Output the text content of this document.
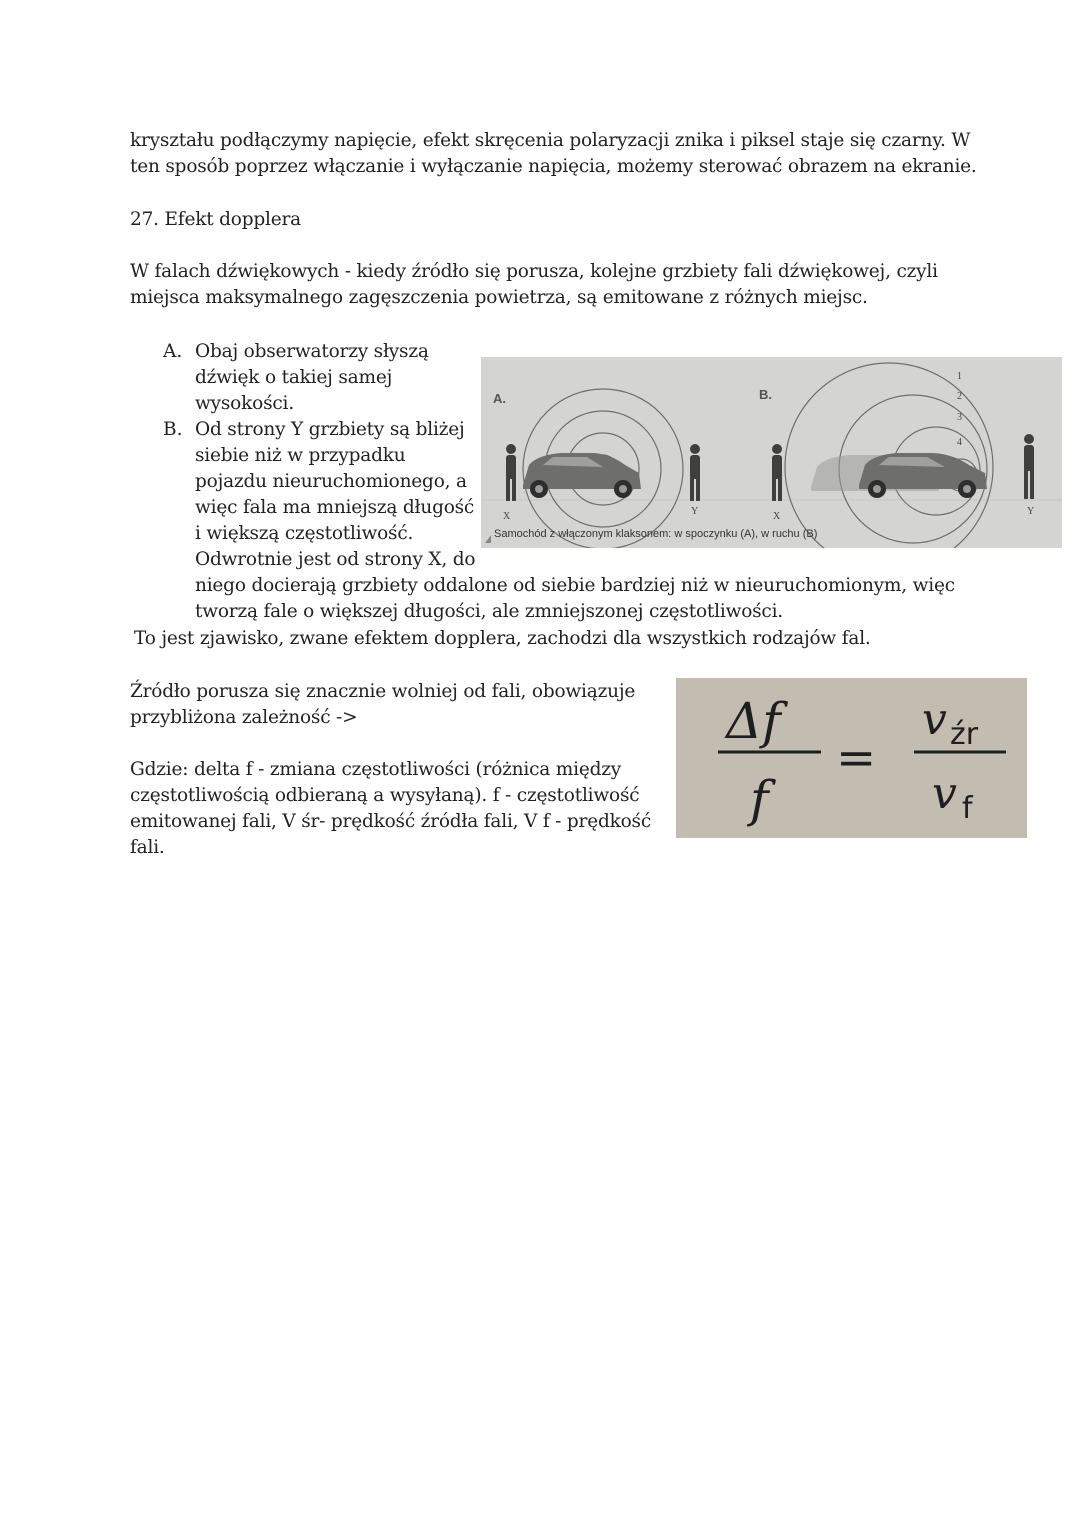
kryształu podłączymy napięcie, efekt skręcenia polaryzacji znika i piksel staje się czarny. W
ten sposób poprzez włączanie i wyłączanie napięcia, możemy sterować obrazem na ekranie.
27. Efekt dopplera
W falach dźwiękowych - kiedy źródło się porusza, kolejne grzbiety fali dźwiękowej, czyli
miejsca maksymalnego zagęszczenia powietrza, są emitowane z różnych miejsc.
A. Obaj obserwatorzy słyszą
dźwięk o takiej samej
wysokości.
B. Od strony Y grzbiety są bliżej
siebie niż w przypadku
pojazdu nieuruchomionego, a
więc fala ma mniejszą długość
i większą częstotliwość.
Odwrotnie jest od strony X, do
niego docierają grzbiety oddalone od siebie bardziej niż w nieuruchomionym, więc
tworzą fale o większej długości, ale zmniejszonej częstotliwości.
To jest zjawisko, zwane efektem dopplera, zachodzi dla wszystkich rodzajów fal.
A.	B.
X	Y
1
2
3
4
X	Y
Samochód z włączonym klaksonem: w spoczynku (A), w ruchu (B)
Źródło porusza się znacznie wolniej od fali, obowiązuje
przybliżona zależność ->
Gdzie: delta f - zmiana częstotliwości (różnica między
częstotliwością odbieraną a wysyłaną). f - częstotliwość
emitowanej fali, V śr- prędkość źródła fali, V f - prędkość
fali.
Δf
f
=
v źr
v f
